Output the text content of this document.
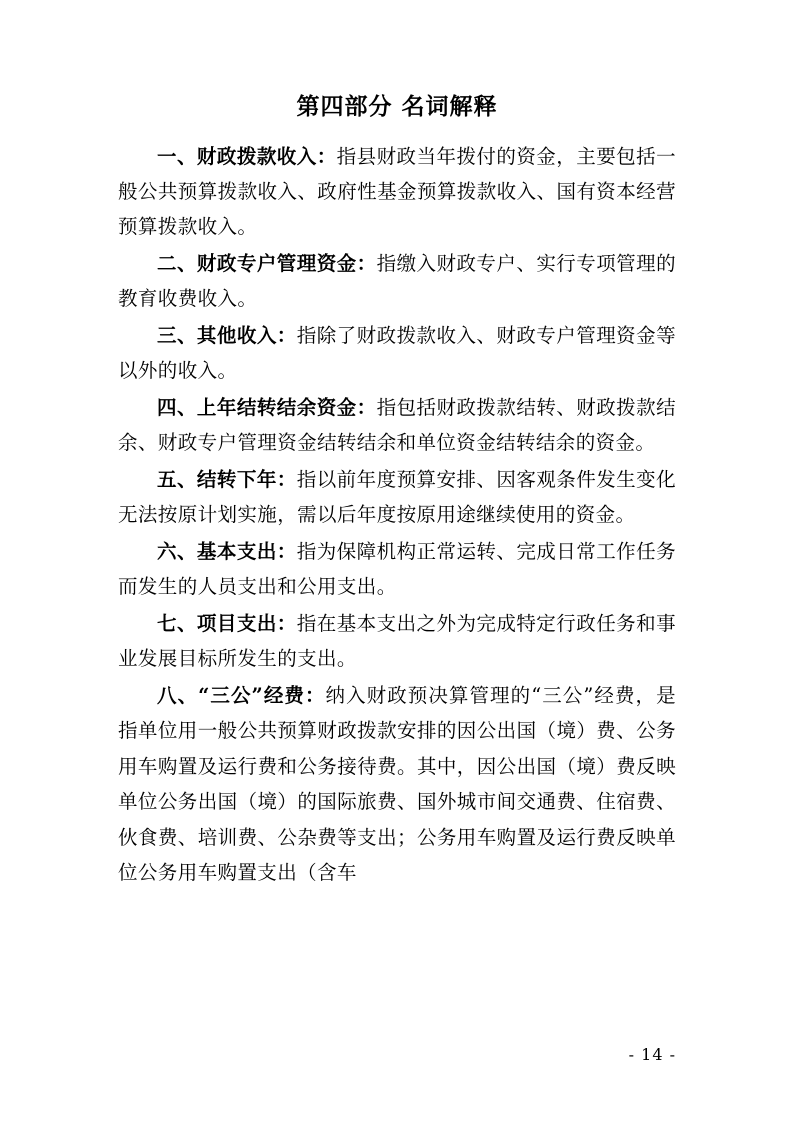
第四部分 名词解释

一、财政拨款收入：指县财政当年拨付的资金，主要包括一般公共预算拨款收入、政府性基金预算拨款收入、国有资本经营预算拨款收入。

二、财政专户管理资金：指缴入财政专户、实行专项管理的教育收费收入。

三、其他收入：指除了财政拨款收入、财政专户管理资金等以外的收入。

四、上年结转结余资金：指包括财政拨款结转、财政拨款结余、财政专户管理资金结转结余和单位资金结转结余的资金。

五、结转下年：指以前年度预算安排、因客观条件发生变化无法按原计划实施，需以后年度按原用途继续使用的资金。

六、基本支出：指为保障机构正常运转、完成日常工作任务而发生的人员支出和公用支出。

七、项目支出：指在基本支出之外为完成特定行政任务和事业发展目标所发生的支出。

八、“三公”经费：纳入财政预决算管理的“三公”经费，是指单位用一般公共预算财政拨款安排的因公出国（境）费、公务用车购置及运行费和公务接待费。其中，因公出国（境）费反映单位公务出国（境）的国际旅费、国外城市间交通费、住宿费、伙食费、培训费、公杂费等支出；公务用车购置及运行费反映单位公务用车购置支出（含车

- 14 -
